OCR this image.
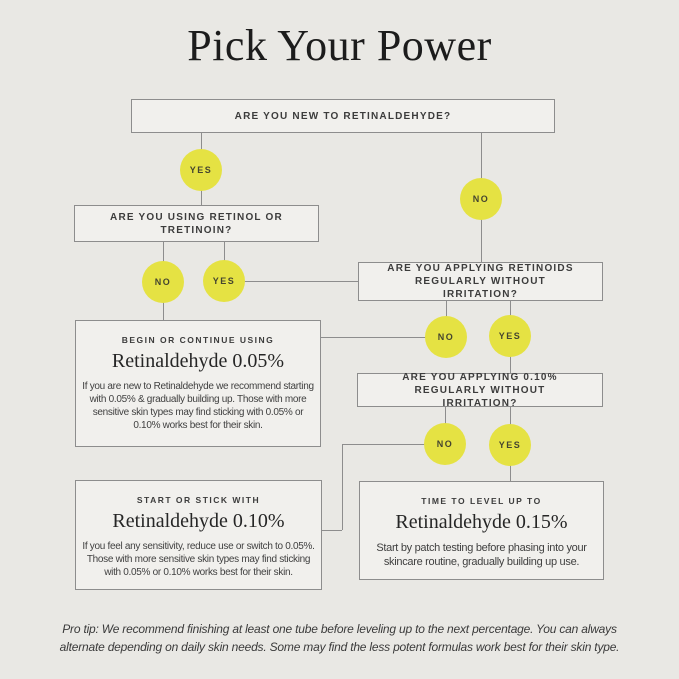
Pick Your Power
ARE YOU NEW TO RETINALDEHYDE?
ARE YOU USING RETINOL OR TRETINOIN?
ARE YOU APPLYING RETINOIDS REGULARLY WITHOUT IRRITATION?
ARE YOU APPLYING 0.10% REGULARLY WITHOUT IRRITATION?
BEGIN OR CONTINUE USING
Retinaldehyde 0.05%
If you are new to Retinaldehyde we recommend starting with 0.05% & gradually building up. Those with more sensitive skin types may find sticking with 0.05% or 0.10% works best for their skin.
START OR STICK WITH
Retinaldehyde 0.10%
If you feel any sensitivity, reduce use or switch to 0.05%. Those with more sensitive skin types may find sticking with 0.05% or 0.10% works best for their skin.
TIME TO LEVEL UP TO
Retinaldehyde 0.15%
Start by patch testing before phasing into your skincare routine, gradually building up use.
YES
NO
NO	YES
NO	YES
NO	YES
Pro tip: We recommend finishing at least one tube before leveling up to the next percentage. You can always alternate depending on daily skin needs. Some may find the less potent formulas work best for their skin type.
